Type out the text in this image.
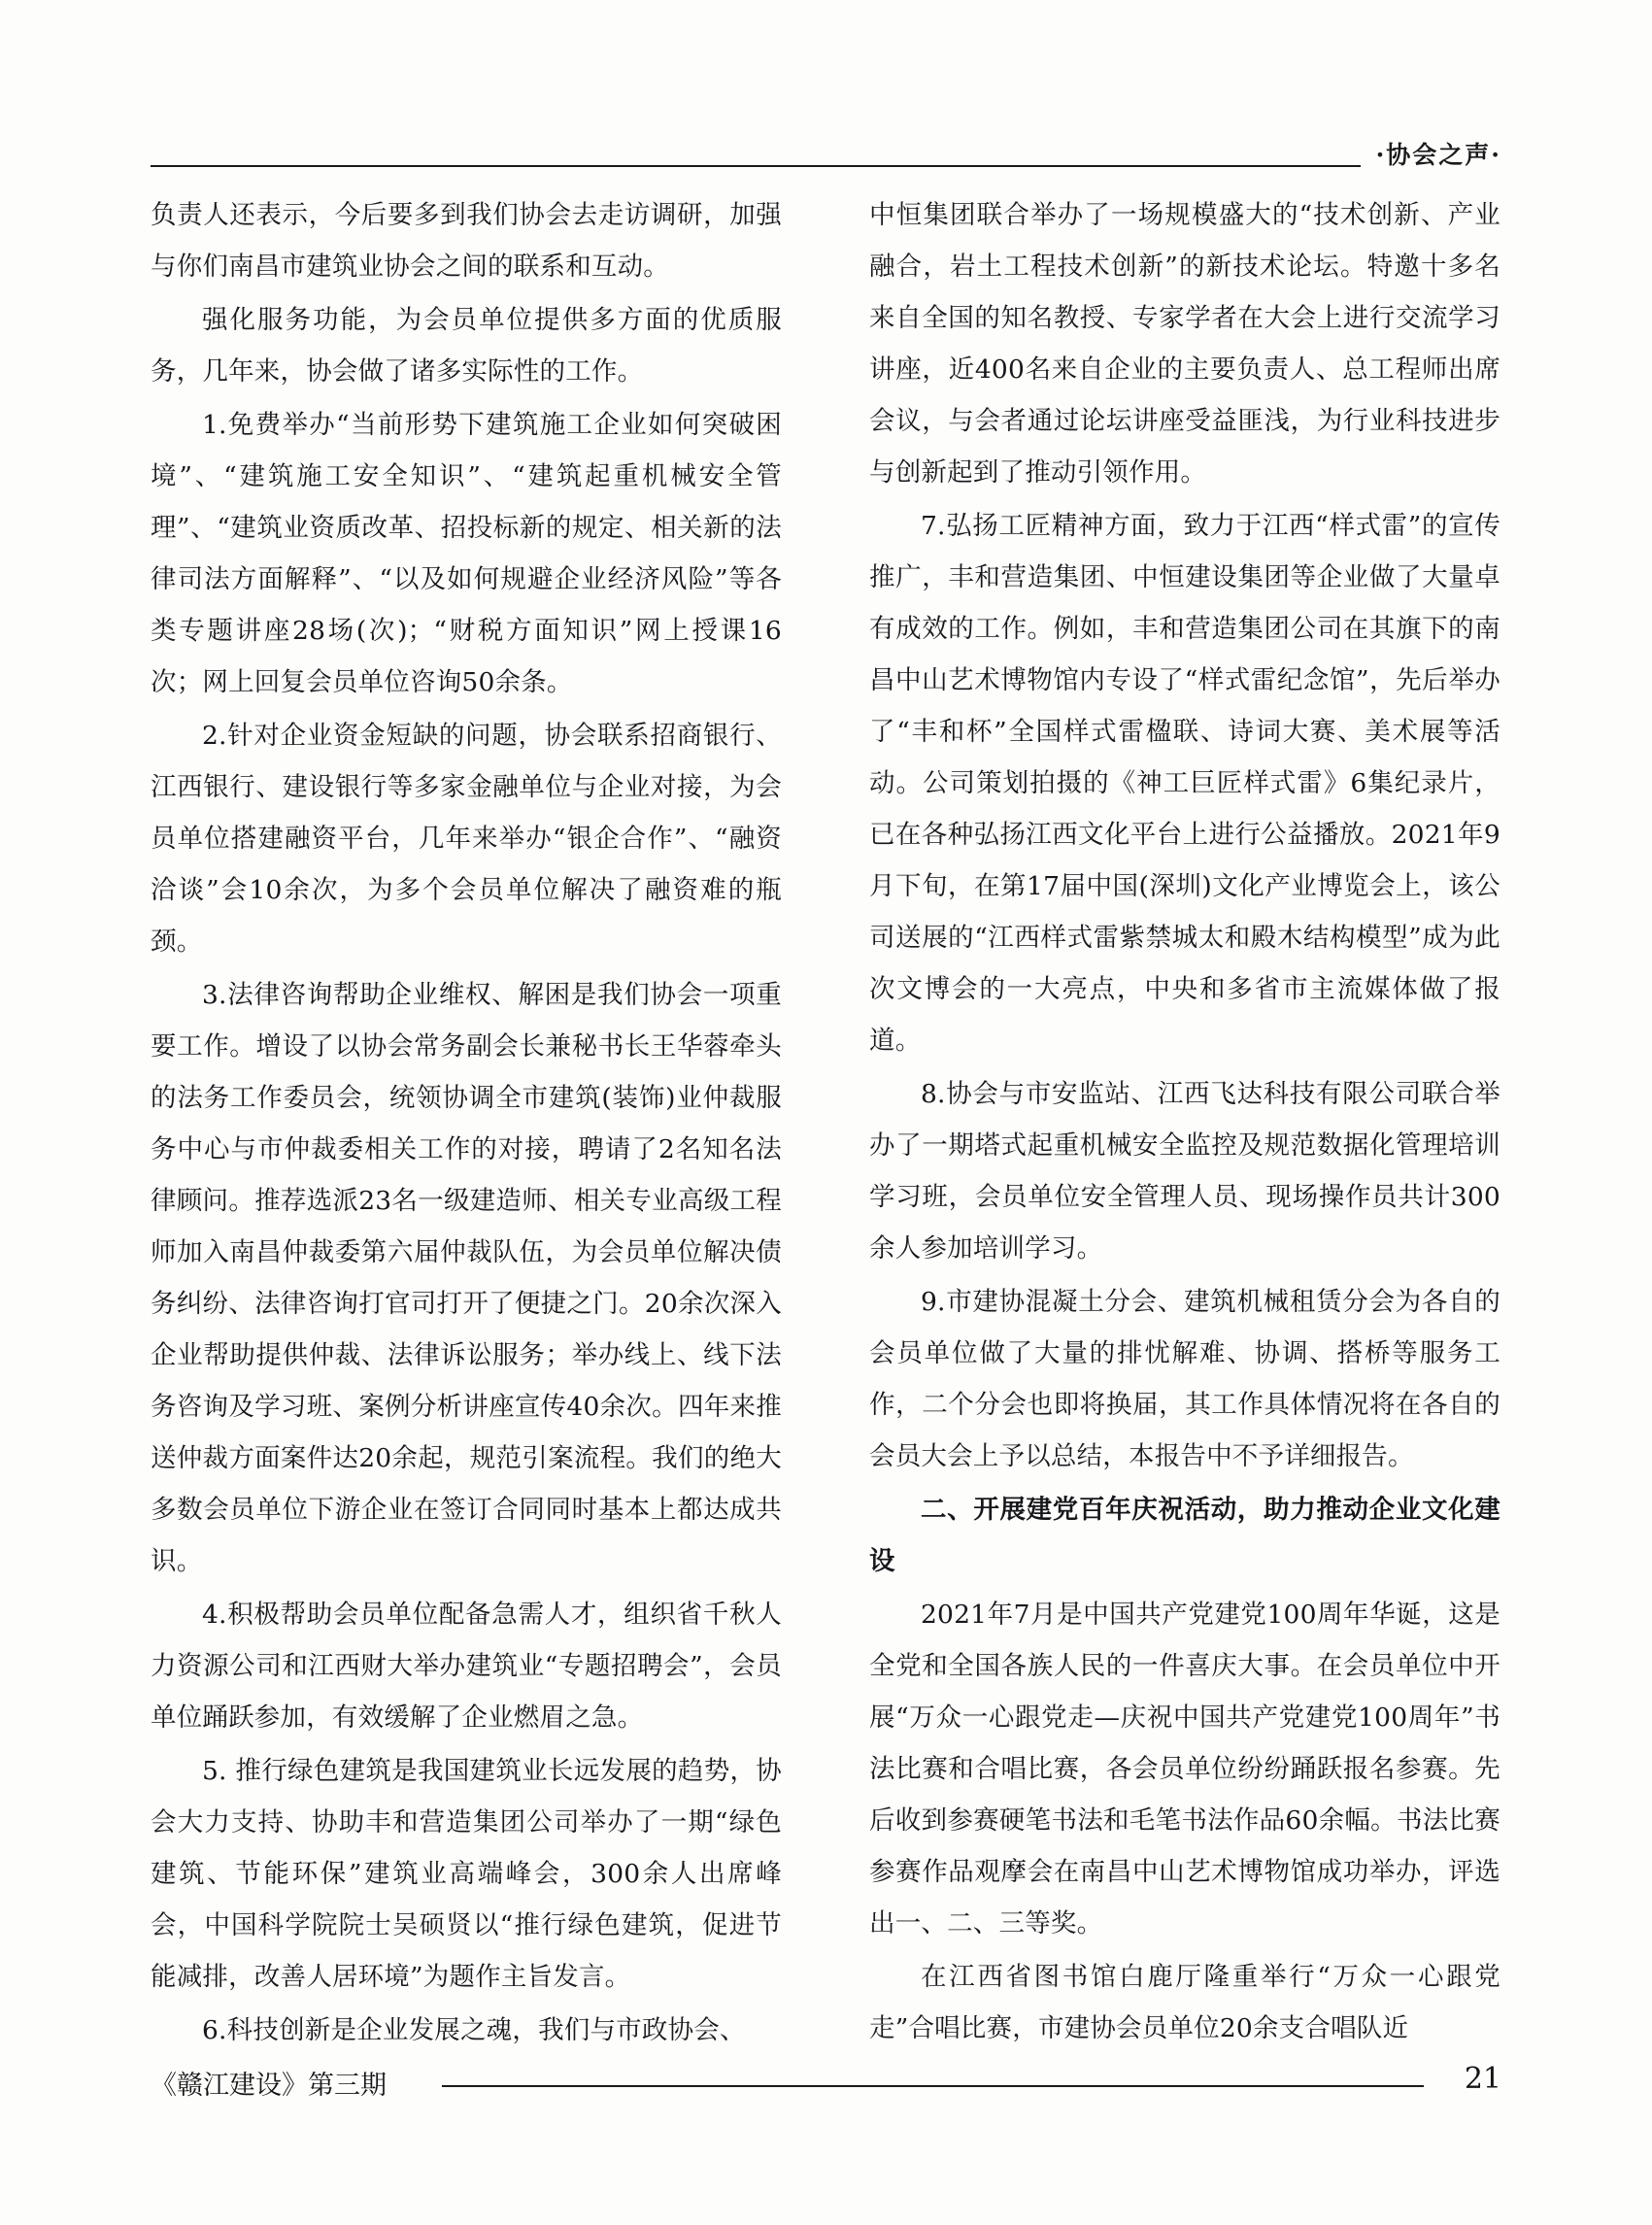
·协会之声·

负责人还表示，今后要多到我们协会去走访调研，加强与你们南昌市建筑业协会之间的联系和互动。

强化服务功能，为会员单位提供多方面的优质服务，几年来，协会做了诸多实际性的工作。

1.免费举办“当前形势下建筑施工企业如何突破困境”、“建筑施工安全知识”、“建筑起重机械安全管理”、“建筑业资质改革、招投标新的规定、相关新的法律司法方面解释”、“以及如何规避企业经济风险”等各类专题讲座28场(次)；“财税方面知识”网上授课16次；网上回复会员单位咨询50余条。

2.针对企业资金短缺的问题，协会联系招商银行、江西银行、建设银行等多家金融单位与企业对接，为会员单位搭建融资平台，几年来举办“银企合作”、“融资洽谈”会10余次，为多个会员单位解决了融资难的瓶颈。

3.法律咨询帮助企业维权、解困是我们协会一项重要工作。增设了以协会常务副会长兼秘书长王华蓉牵头的法务工作委员会，统领协调全市建筑(装饰)业仲裁服务中心与市仲裁委相关工作的对接，聘请了2名知名法律顾问。推荐选派23名一级建造师、相关专业高级工程师加入南昌仲裁委第六届仲裁队伍，为会员单位解决债务纠纷、法律咨询打官司打开了便捷之门。20余次深入企业帮助提供仲裁、法律诉讼服务；举办线上、线下法务咨询及学习班、案例分析讲座宣传40余次。四年来推送仲裁方面案件达20余起，规范引案流程。我们的绝大多数会员单位下游企业在签订合同同时基本上都达成共识。

4.积极帮助会员单位配备急需人才，组织省千秋人力资源公司和江西财大举办建筑业“专题招聘会”，会员单位踊跃参加，有效缓解了企业燃眉之急。

5. 推行绿色建筑是我国建筑业长远发展的趋势，协会大力支持、协助丰和营造集团公司举办了一期“绿色建筑、节能环保”建筑业高端峰会，300余人出席峰会，中国科学院院士吴硕贤以“推行绿色建筑，促进节能减排，改善人居环境”为题作主旨发言。

6.科技创新是企业发展之魂，我们与市政协会、

中恒集团联合举办了一场规模盛大的“技术创新、产业融合，岩土工程技术创新”的新技术论坛。特邀十多名来自全国的知名教授、专家学者在大会上进行交流学习讲座，近400名来自企业的主要负责人、总工程师出席会议，与会者通过论坛讲座受益匪浅，为行业科技进步与创新起到了推动引领作用。

7.弘扬工匠精神方面，致力于江西“样式雷”的宣传推广，丰和营造集团、中恒建设集团等企业做了大量卓有成效的工作。例如，丰和营造集团公司在其旗下的南昌中山艺术博物馆内专设了“样式雷纪念馆”，先后举办了“丰和杯”全国样式雷楹联、诗词大赛、美术展等活动。公司策划拍摄的《神工巨匠样式雷》6集纪录片，已在各种弘扬江西文化平台上进行公益播放。2021年9月下旬，在第17届中国(深圳)文化产业博览会上，该公司送展的“江西样式雷紫禁城太和殿木结构模型”成为此次文博会的一大亮点，中央和多省市主流媒体做了报道。

8.协会与市安监站、江西飞达科技有限公司联合举办了一期塔式起重机械安全监控及规范数据化管理培训学习班，会员单位安全管理人员、现场操作员共计300余人参加培训学习。

9.市建协混凝土分会、建筑机械租赁分会为各自的会员单位做了大量的排忧解难、协调、搭桥等服务工作，二个分会也即将换届，其工作具体情况将在各自的会员大会上予以总结，本报告中不予详细报告。

二、开展建党百年庆祝活动，助力推动企业文化建设

2021年7月是中国共产党建党100周年华诞，这是全党和全国各族人民的一件喜庆大事。在会员单位中开展“万众一心跟党走—庆祝中国共产党建党100周年”书法比赛和合唱比赛，各会员单位纷纷踊跃报名参赛。先后收到参赛硬笔书法和毛笔书法作品60余幅。书法比赛参赛作品观摩会在南昌中山艺术博物馆成功举办，评选出一、二、三等奖。

在江西省图书馆白鹿厅隆重举行“万众一心跟党走”合唱比赛，市建协会员单位20余支合唱队近

《赣江建设》第三期	21
